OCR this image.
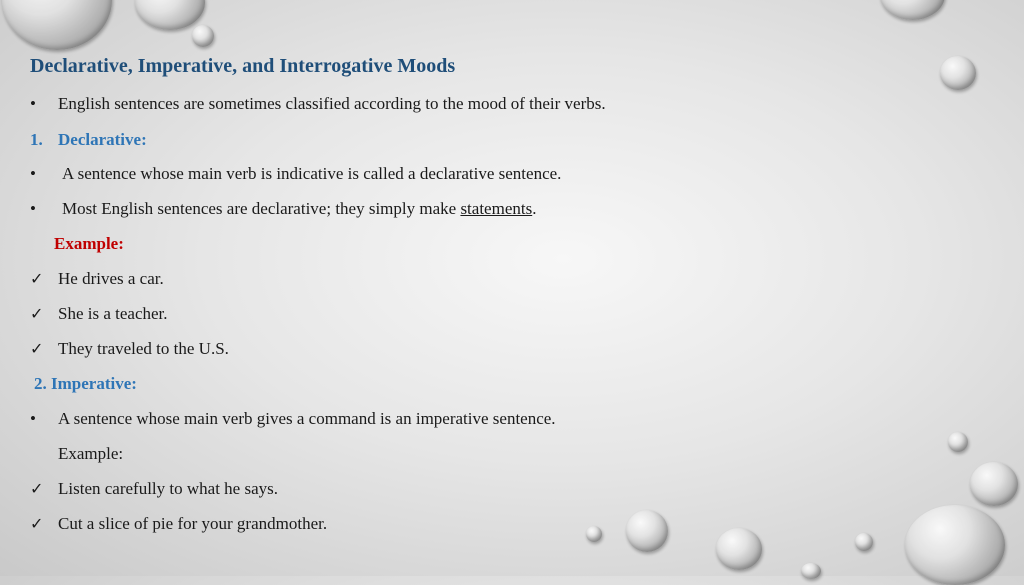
Declarative, Imperative, and Interrogative Moods
• English sentences are sometimes classified according to the mood of their verbs.
1. Declarative:
• A sentence whose main verb is indicative is called a declarative sentence.
• Most English sentences are declarative; they simply make statements.
Example:
✓ He drives a car.
✓ She is a teacher.
✓ They traveled to the U.S.
2. Imperative:
• A sentence whose main verb gives a command is an imperative sentence.
Example:
✓ Listen carefully to what he says.
✓ Cut a slice of pie for your grandmother.
